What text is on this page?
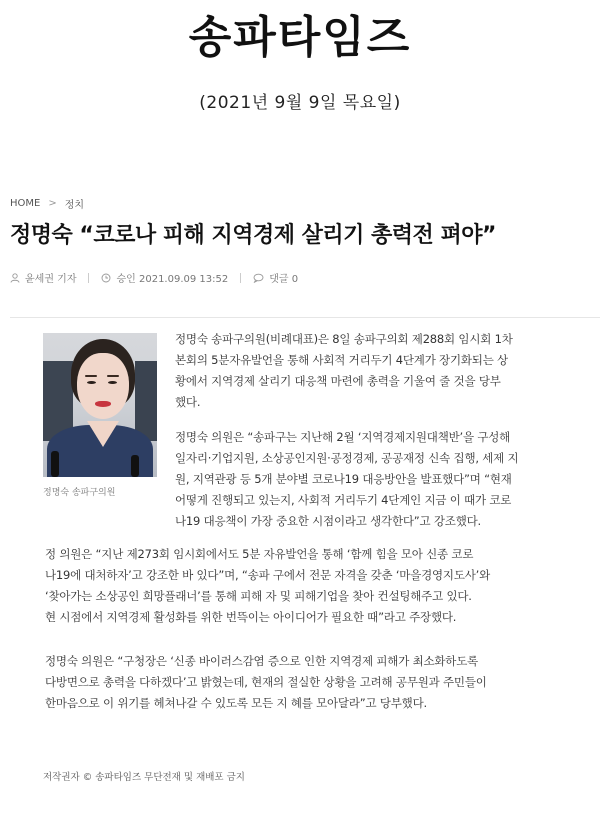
송파타임즈
(2021년 9월 9일 목요일)
HOME > 정치
정명숙 “코로나 피해 지역경제 살리기 총력전 펴야”
윤세권 기자	승인 2021.09.09 13:52	댓글 0
정명숙 송파구의원
정명숙 송파구의원(비례대표)은 8일 송파구의회 제288회 임시회 1차
본회의 5분자유발언을 통해 사회적 거리두기 4단계가 장기화되는 상
황에서 지역경제 살리기 대응책 마련에 총력을 기울여 줄 것을 당부
했다.
정명숙 의원은 “송파구는 지난해 2월 ‘지역경제지원대책반’을 구성해
일자리·기업지원, 소상공인지원·공정경제, 공공재정 신속 집행, 세제 지
원, 지역관광 등 5개 분야별 코로나19 대응방안을 발표했다”며 “현재
어떻게 진행되고 있는지, 사회적 거리두기 4단계인 지금 이 때가 코로
나19 대응책이 가장 중요한 시점이라고 생각한다”고 강조했다.
정 의원은 “지난 제273회 임시회에서도 5분 자유발언을 통해 ‘함께 힘을 모아 신종 코로
나19에 대처하자’고 강조한 바 있다”며, “송파 구에서 전문 자격을 갖춘 ‘마을경영지도사’와
‘찾아가는 소상공인 희망플래너’를 통해 피해 자 및 피해기업을 찾아 컨설팅해주고 있다.
현 시점에서 지역경제 활성화를 위한 번뜩이는 아이디어가 필요한 때”라고 주장했다.
정명숙 의원은 “구청장은 ‘신종 바이러스감염 증으로 인한 지역경제 피해가 최소화하도록
다방면으로 총력을 다하겠다’고 밝혔는데, 현재의 절실한 상황을 고려해 공무원과 주민들이
한마음으로 이 위기를 헤쳐나갈 수 있도록 모든 지 혜를 모아달라”고 당부했다.
저작권자 © 송파타임즈 무단전재 및 재배포 금지
